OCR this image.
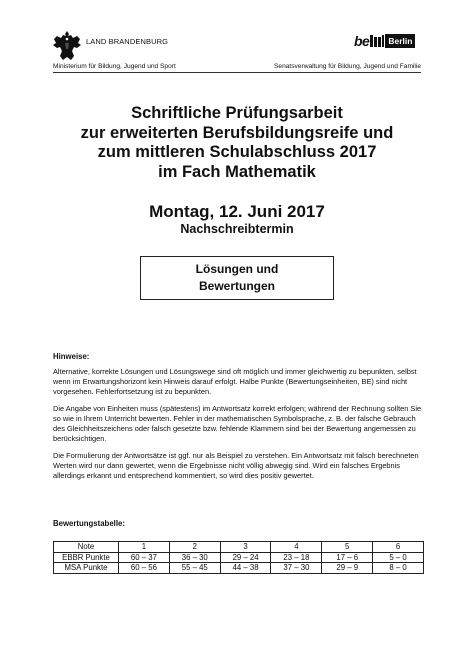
LAND BRANDENBURG	be	Berlin
Ministerium für Bildung, Jugend und Sport	Senatsverwaltung für Bildung, Jugend und Familie
Schriftliche Prüfungsarbeit
zur erweiterten Berufsbildungsreife und
zum mittleren Schulabschluss 2017
im Fach Mathematik
Montag, 12. Juni 2017
Nachschreibtermin
Lösungen und
Bewertungen
Hinweise:
Alternative, korrekte Lösungen und Lösungswege sind oft möglich und immer gleichwertig zu bepunkten, selbst wenn im Erwartungshorizont kein Hinweis darauf erfolgt. Halbe Punkte (Bewertungseinheiten, BE) sind nicht vorgesehen. Fehlerfortsetzung ist zu bepunkten.
Die Angabe von Einheiten muss (spätestens) im Antwortsatz korrekt erfolgen; während der Rechnung sollten Sie so wie in Ihrem Unterricht bewerten. Fehler in der mathematischen Symbolsprache, z. B. der falsche Gebrauch des Gleichheitszeichens oder falsch gesetzte bzw. fehlende Klammern sind bei der Bewertung angemessen zu berücksichtigen.
Die Formulierung der Antwortsätze ist ggf. nur als Beispiel zu verstehen. Ein Antwortsatz mit falsch berechneten Werten wird nur dann gewertet, wenn die Ergebnisse nicht völlig abwegig sind. Wird ein falsches Ergebnis allerdings erkannt und entsprechend kommentiert, so wird dies positiv gewertet.
Bewertungstabelle:
Note	1	2	3	4	5	6
EBBR Punkte	60 – 37	36 – 30	29 – 24	23 – 18	17 – 6	5 – 0
MSA Punkte	60 – 56	55 – 45	44 – 38	37 – 30	29 – 9	8 – 0
